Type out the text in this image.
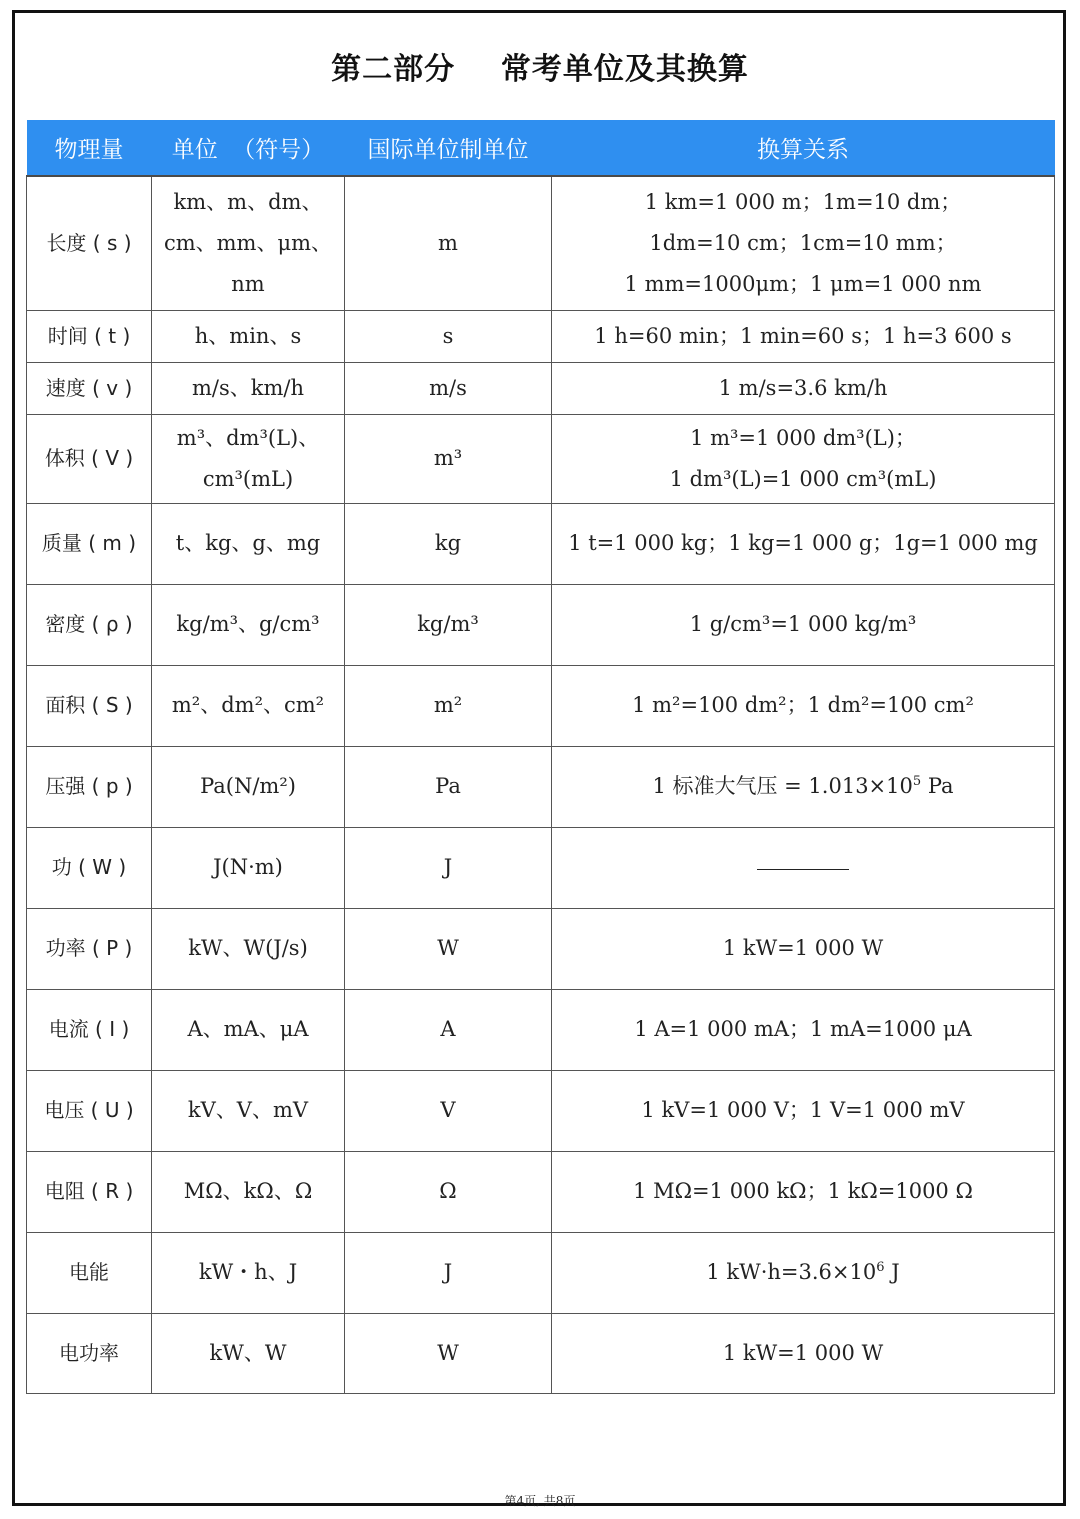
第二部分    常考单位及其换算
物理量	单位  （符号）	国际单位制单位	换算关系
长度 ( s )	km、m、dm、
cm、mm、μm、
nm	m	1 km=1 000 m；1m=10 dm；
1dm=10 cm；1cm=10 mm；
1 mm=1000μm；1 μm=1 000 nm

时间 ( t )	h、min、s	s	1 h=60 min；1 min=60 s；1 h=3 600 s

速度 ( v )	m/s、km/h	m/s	1 m/s=3.6 km/h

体积 ( V )	m³、dm³(L)、
cm³(mL)	m³	1 m³=1 000 dm³(L)；
1 dm³(L)=1 000 cm³(mL)

质量 ( m )	t、kg、g、mg	kg	1 t=1 000 kg；1 kg=1 000 g；1g=1 000 mg

密度 ( ρ )	kg/m³、g/cm³	kg/m³	1 g/cm³=1 000 kg/m³

面积 ( S )	m²、dm²、cm²	m²	1 m²=100 dm²；1 dm²=100 cm²

压强 ( p )	Pa(N/m²)	Pa	1 标准大气压 = $1.013\times 10^5$ Pa
功 ( W )	J(N·m)	J	
功率 ( P )	kW、W(J/s)	W	1 kW=1 000 W

电流 ( I )	A、mA、μA	A	1 A=1 000 mA；1 mA=1000 μA

电压 ( U )	kV、V、mV	V	1 kV=1 000 V；1 V=1 000 mV

电阻 ( R )	MΩ、kΩ、Ω	Ω	1 MΩ=1 000 kΩ；1 kΩ=1000 Ω

电能	kW・h、J	J	1 $kW\cdot h=3.6\times 10^6$ J
电功率	kW、W	W	1 kW=1 000 W
第4页, 共8页
